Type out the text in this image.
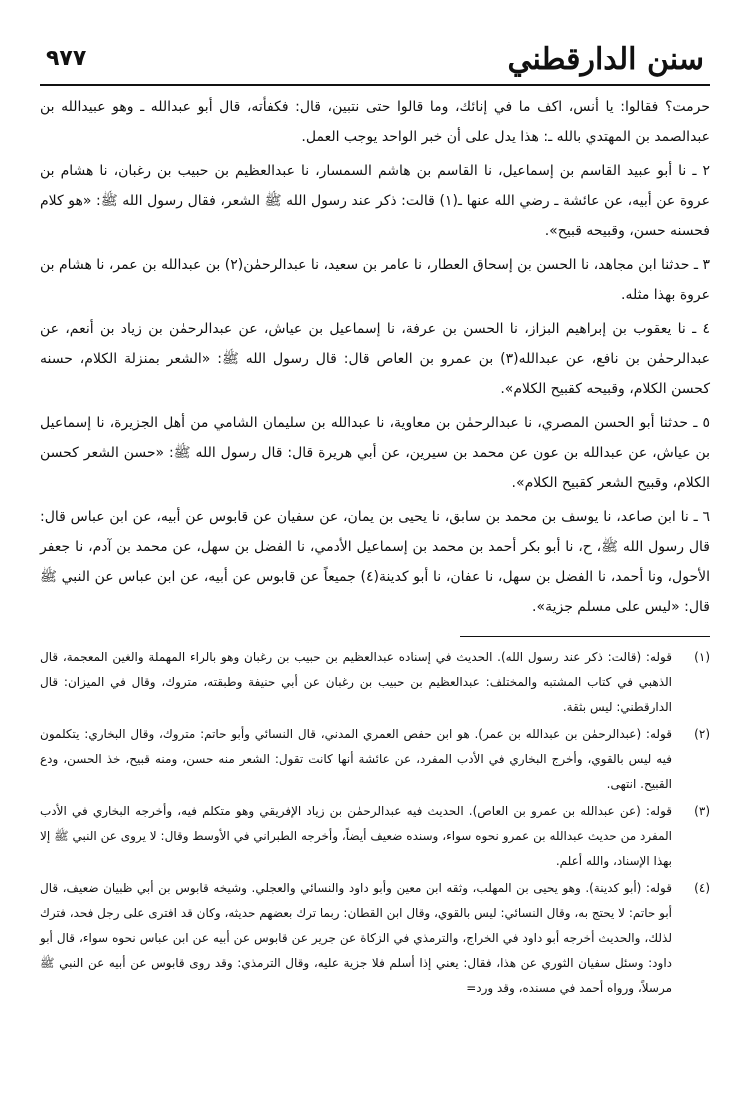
سنن الدارقطني
٩٧٧

حرمت؟ فقالوا: يا أنس، اكف ما في إنائك، وما قالوا حتى نتبين، قال: فكفأته، قال أبو عبدالله ـ وهو عبيدالله بن عبدالصمد بن المهتدي بالله ـ: هذا يدل على أن خبر الواحد يوجب العمل.

٢ ـ نا أبو عبيد القاسم بن إسماعيل، نا القاسم بن هاشم السمسار، نا عبدالعظيم بن حبيب بن رغبان، نا هشام بن عروة عن أبيه، عن عائشة ـ رضي الله عنها ـ(١) قالت: ذكر عند رسول الله ﷺ الشعر، فقال رسول الله ﷺ: «هو كلام فحسنه حسن، وقبيحه قبيح».

٣ ـ حدثنا ابن مجاهد، نا الحسن بن إسحاق العطار، نا عامر بن سعيد، نا عبدالرحمٰن(٢) بن عبدالله بن عمر، نا هشام بن عروة بهذا مثله.

٤ ـ نا يعقوب بن إبراهيم البزاز، نا الحسن بن عرفة، نا إسماعيل بن عياش، عن عبدالرحمٰن بن زياد بن أنعم، عن عبدالرحمٰن بن نافع، عن عبدالله(٣) بن عمرو بن العاص قال: قال رسول الله ﷺ: «الشعر بمنزلة الكلام، حسنه كحسن الكلام، وقبيحه كقبيح الكلام».

٥ ـ حدثنا أبو الحسن المصري، نا عبدالرحمٰن بن معاوية، نا عبدالله بن سليمان الشامي من أهل الجزيرة، نا إسماعيل بن عياش، عن عبدالله بن عون عن محمد بن سيرين، عن أبي هريرة قال: قال رسول الله ﷺ: «حسن الشعر كحسن الكلام، وقبيح الشعر كقبيح الكلام».

٦ ـ نا ابن صاعد، نا يوسف بن محمد بن سابق، نا يحيى بن يمان، عن سفيان عن قابوس عن أبيه، عن ابن عباس قال: قال رسول الله ﷺ، ح، نا أبو بكر أحمد بن محمد بن إسماعيل الأدمي، نا الفضل بن سهل، عن محمد بن آدم، نا جعفر الأحول، ونا أحمد، نا الفضل بن سهل، نا عفان، نا أبو كدينة(٤) جميعاً عن قابوس عن أبيه، عن ابن عباس عن النبي ﷺ قال: «ليس على مسلم جزية».

(١)
قوله: (قالت: ذكر عند رسول الله). الحديث في إسناده عبدالعظيم بن حبيب بن رغبان وهو بالراء المهملة والغين المعجمة، قال الذهبي في كتاب المشتبه والمختلف: عبدالعظيم بن حبيب بن رغبان عن أبي حنيفة وطبقته، متروك، وقال في الميزان: قال الدارقطني: ليس بثقة.
(٢)
قوله: (عبدالرحمٰن بن عبدالله بن عمر). هو ابن حفص العمري المدني، قال النسائي وأبو حاتم: متروك، وقال البخاري: يتكلمون فيه ليس بالقوي، وأخرج البخاري في الأدب المفرد، عن عائشة أنها كانت تقول: الشعر منه حسن، ومنه قبيح، خذ الحسن، ودع القبيح. انتهى.
(٣)
قوله: (عن عبدالله بن عمرو بن العاص). الحديث فيه عبدالرحمٰن بن زياد الإفريقي وهو متكلم فيه، وأخرجه البخاري في الأدب المفرد من حديث عبدالله بن عمرو نحوه سواء، وسنده ضعيف أيضاً، وأخرجه الطبراني في الأوسط وقال: لا يروى عن النبي ﷺ إلا بهذا الإسناد، والله أعلم.
(٤)
قوله: (أبو كدينة). وهو يحيى بن المهلب، وثقه ابن معين وأبو داود والنسائي والعجلي. وشيخه قابوس بن أبي ظبيان ضعيف، قال أبو حاتم: لا يحتج به، وقال النسائي: ليس بالقوي، وقال ابن القطان: ربما ترك بعضهم حديثه، وكان قد افترى على رجل فحد، فترك لذلك، والحديث أخرجه أبو داود في الخراج، والترمذي في الزكاة عن جرير عن قابوس عن أبيه عن ابن عباس نحوه سواء، قال أبو داود: وسئل سفيان الثوري عن هذا، فقال: يعني إذا أسلم فلا جزية عليه، وقال الترمذي: وقد روى قابوس عن أبيه عن النبي ﷺ مرسلاً، ورواه أحمد في مسنده، وقد ورد=
